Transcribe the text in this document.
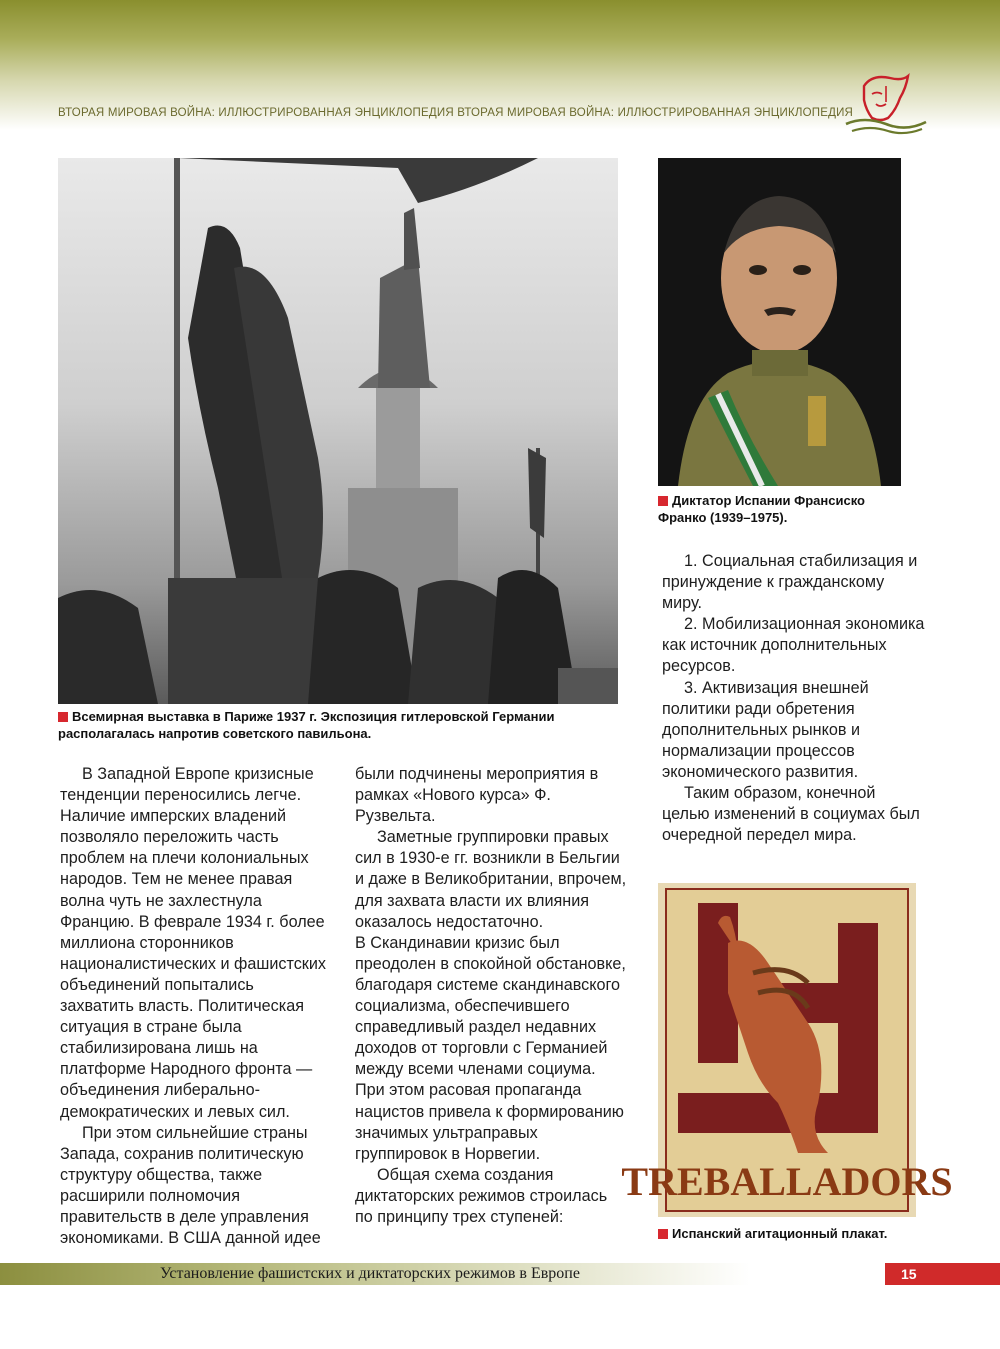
ВТОРАЯ МИРОВАЯ ВОЙНА: ИЛЛЮСТРИРОВАННАЯ ЭНЦИКЛОПЕДИЯ ВТОРАЯ МИРОВАЯ ВОЙНА: ИЛЛЮСТРИРОВАННАЯ ЭНЦИКЛОПЕДИЯ
Всемирная выставка в Париже 1937 г. Экспозиция гитлеровской Германии располагалась напротив советского павильона.
Диктатор Испании Франсиско Франко (1939–1975).

1. Социальная стабилизация и принуждение к гражданскому миру.

2. Мобилизационная экономика как источник дополнительных ресурсов.

3. Активизация внешней политики ради обретения дополнительных рынков и нормализации процессов экономического развития.

Таким образом, конечной целью изменений в социумах был очередной передел мира.

В Западной Европе кризисные тенденции переносились легче. Наличие имперских владений позволяло переложить часть проблем на плечи колониальных народов. Тем не менее правая волна чуть не захлестнула Францию. В феврале 1934 г. более миллиона сторонников националистических и фашистских объединений попытались захватить власть. Политическая ситуация в стране была стабилизирована лишь на платформе Народного фронта — объединения либерально-демократических и левых сил.

При этом сильнейшие страны Запада, сохранив политическую структуру общества, также расширили полномочия правительств в деле управления экономиками. В США данной идее

были подчинены мероприятия в рамках «Нового курса» Ф. Рузвельта.

Заметные группировки правых сил в 1930-е гг. возникли в Бельгии и даже в Великобритании, впрочем, для захвата власти их влияния оказалось недостаточно.

В Скандинавии кризис был преодолен в спокойной обстановке, благодаря системе скандинавского социализма, обеспечившего справедливый раздел недавних доходов от торговли с Германией между всеми членами социума. При этом расовая пропаганда нацистов привела к формированию значимых ультраправых группировок в Норвегии.

Общая схема создания диктаторских режимов строилась по принципу трех ступеней:

TREBALLADORS
Испанский агитационный плакат.
Установление фашистских и диктаторских режимов в Европе	15
